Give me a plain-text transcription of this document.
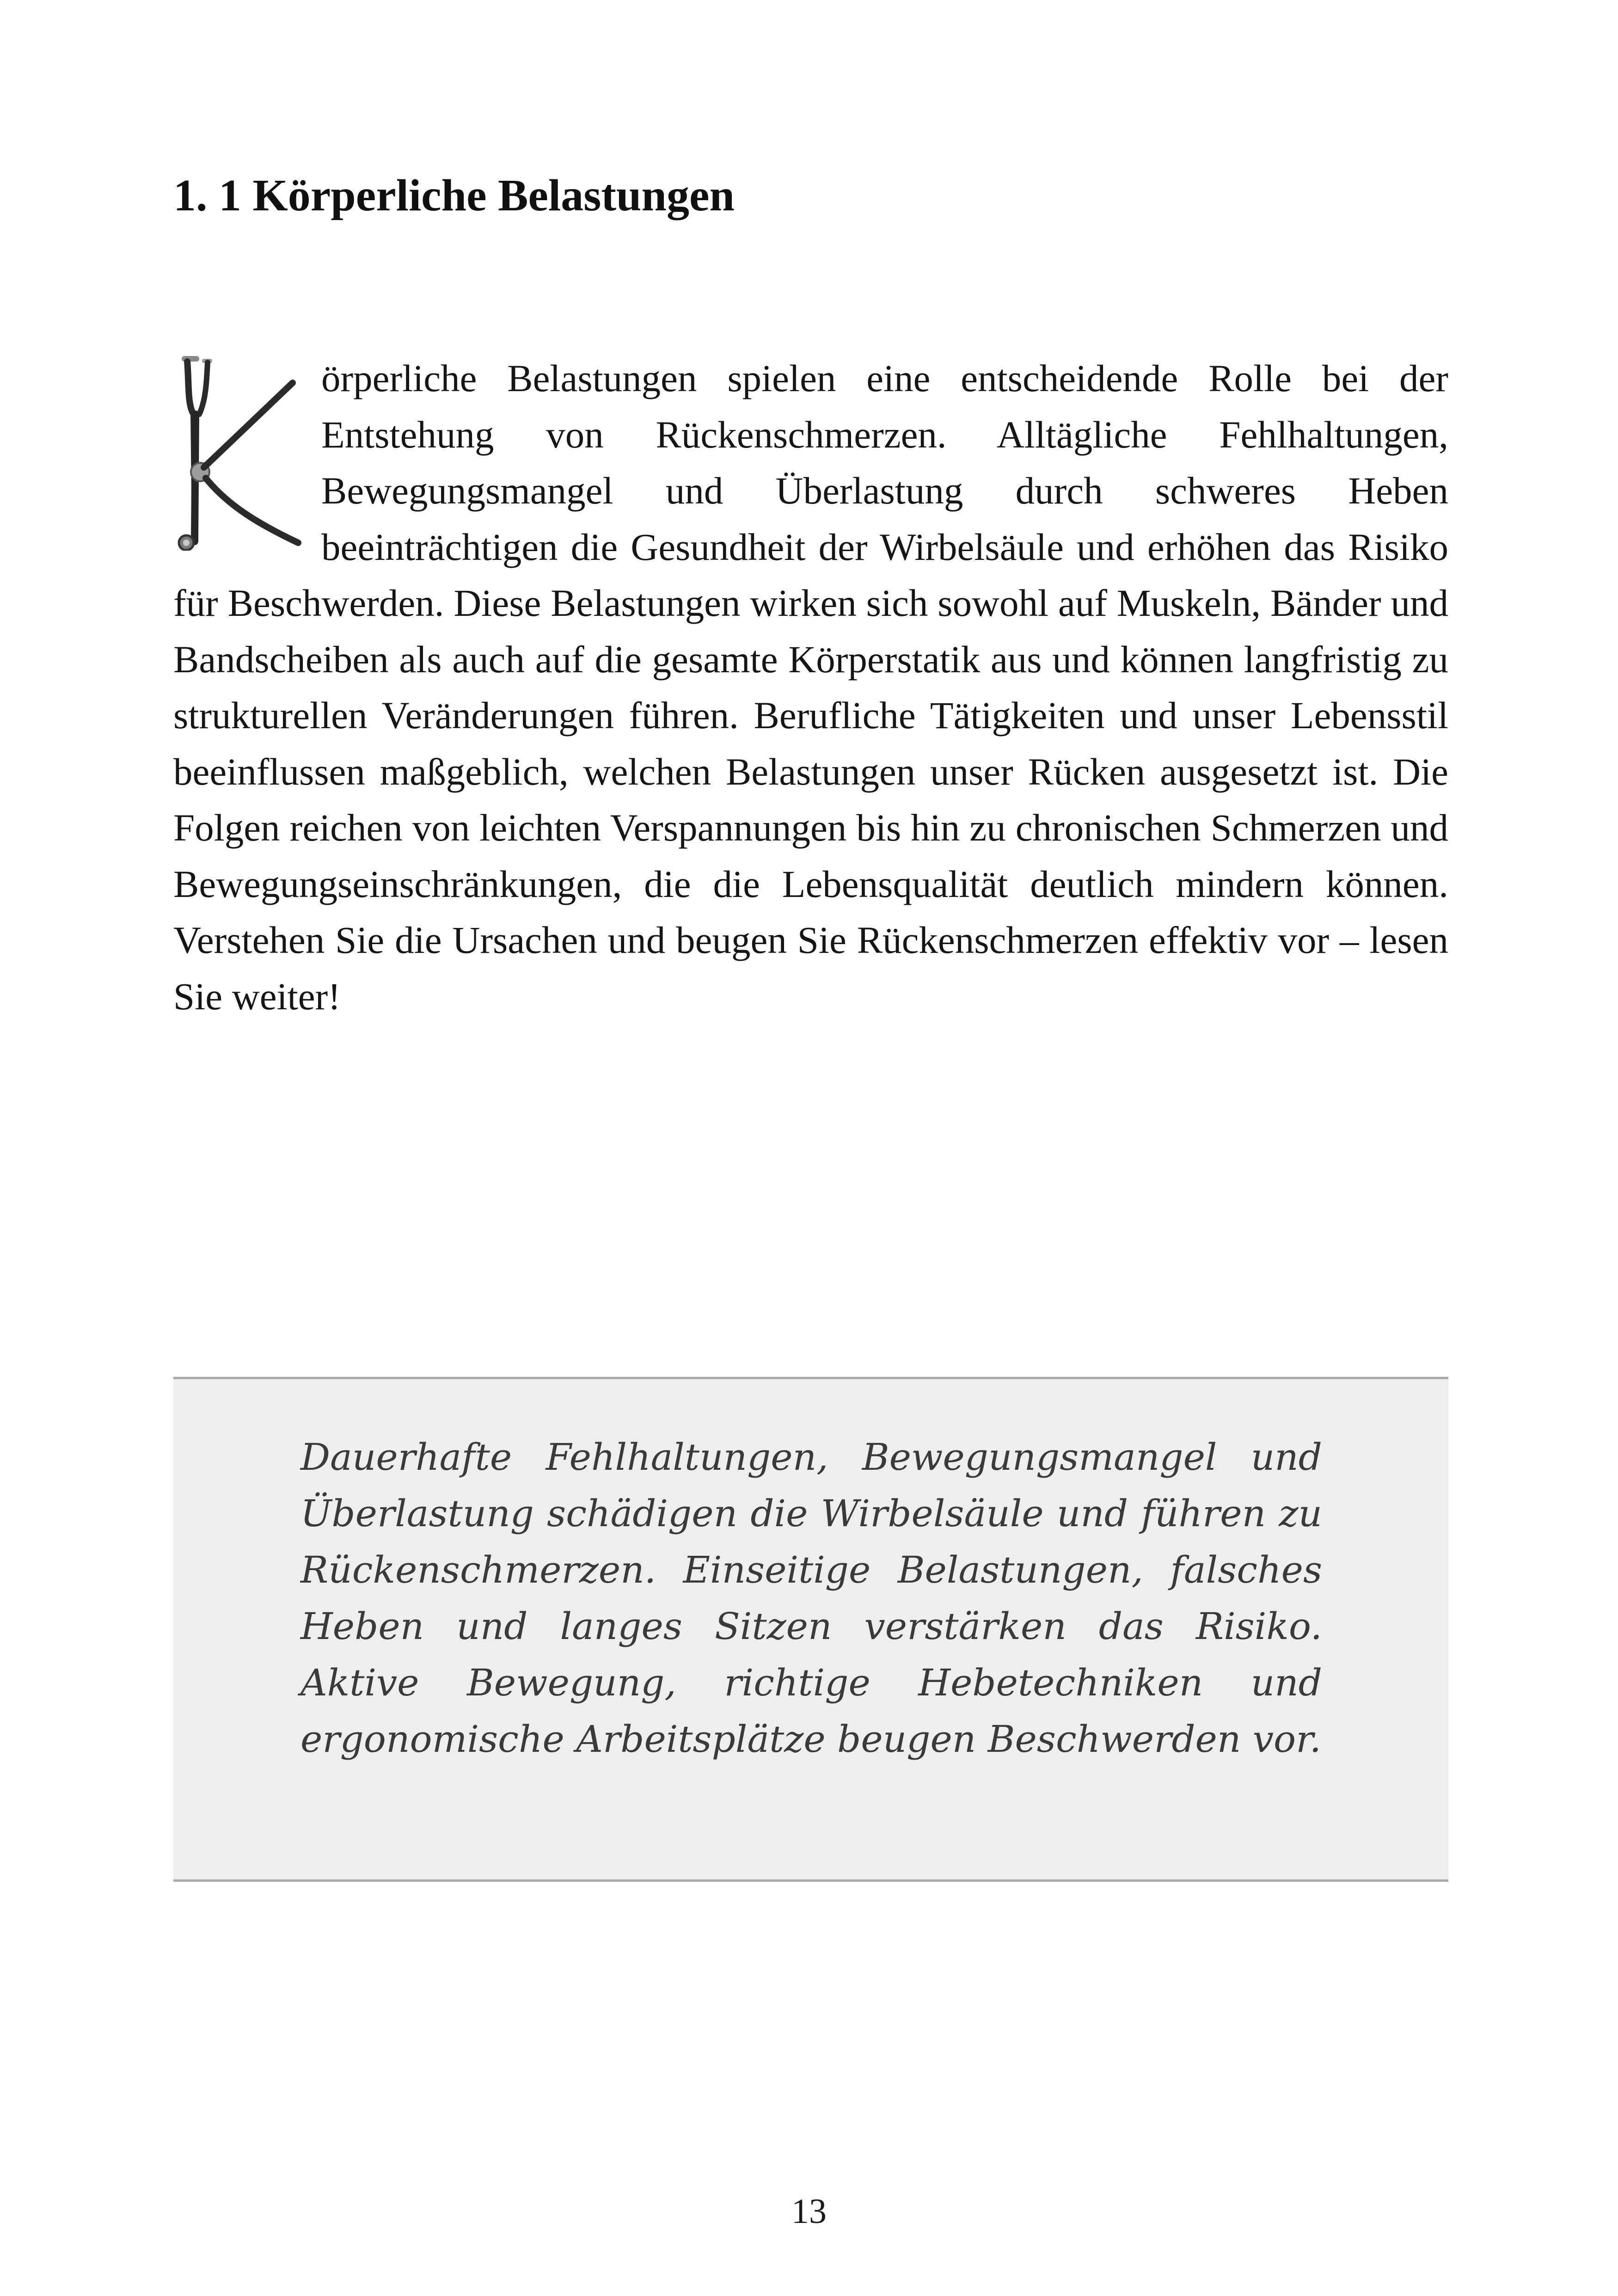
1. 1 Körperliche Belastungen

örperliche Belastungen spielen eine entscheidende Rolle bei der Entstehung von Rückenschmerzen. Alltägliche Fehlhaltungen, Bewegungsmangel und Überlastung durch schweres Heben beeinträchtigen die Gesundheit der Wirbelsäule und erhöhen das Risiko für Beschwerden. Diese Belastungen wirken sich sowohl auf Muskeln, Bänder und Bandscheiben als auch auf die gesamte Körperstatik aus und können langfristig zu strukturellen Veränderungen führen. Berufliche Tätigkeiten und unser Lebensstil beeinflussen maßgeblich, welchen Belastungen unser Rücken ausgesetzt ist. Die Folgen reichen von leichten Verspannungen bis hin zu chronischen Schmerzen und Bewegungseinschränkungen, die die Lebensqualität deutlich mindern können. Verstehen Sie die Ursachen und beugen Sie Rückenschmerzen effektiv vor – lesen Sie weiter!

Dauerhafte Fehlhaltungen, Bewegungsmangel und Überlastung schädigen die Wirbelsäule und führen zu Rückenschmerzen. Einseitige Belastungen, falsches Heben und langes Sitzen verstärken das Risiko. Aktive Bewegung, richtige Hebetechniken und ergonomische Arbeitsplätze beugen Beschwerden vor.

13
